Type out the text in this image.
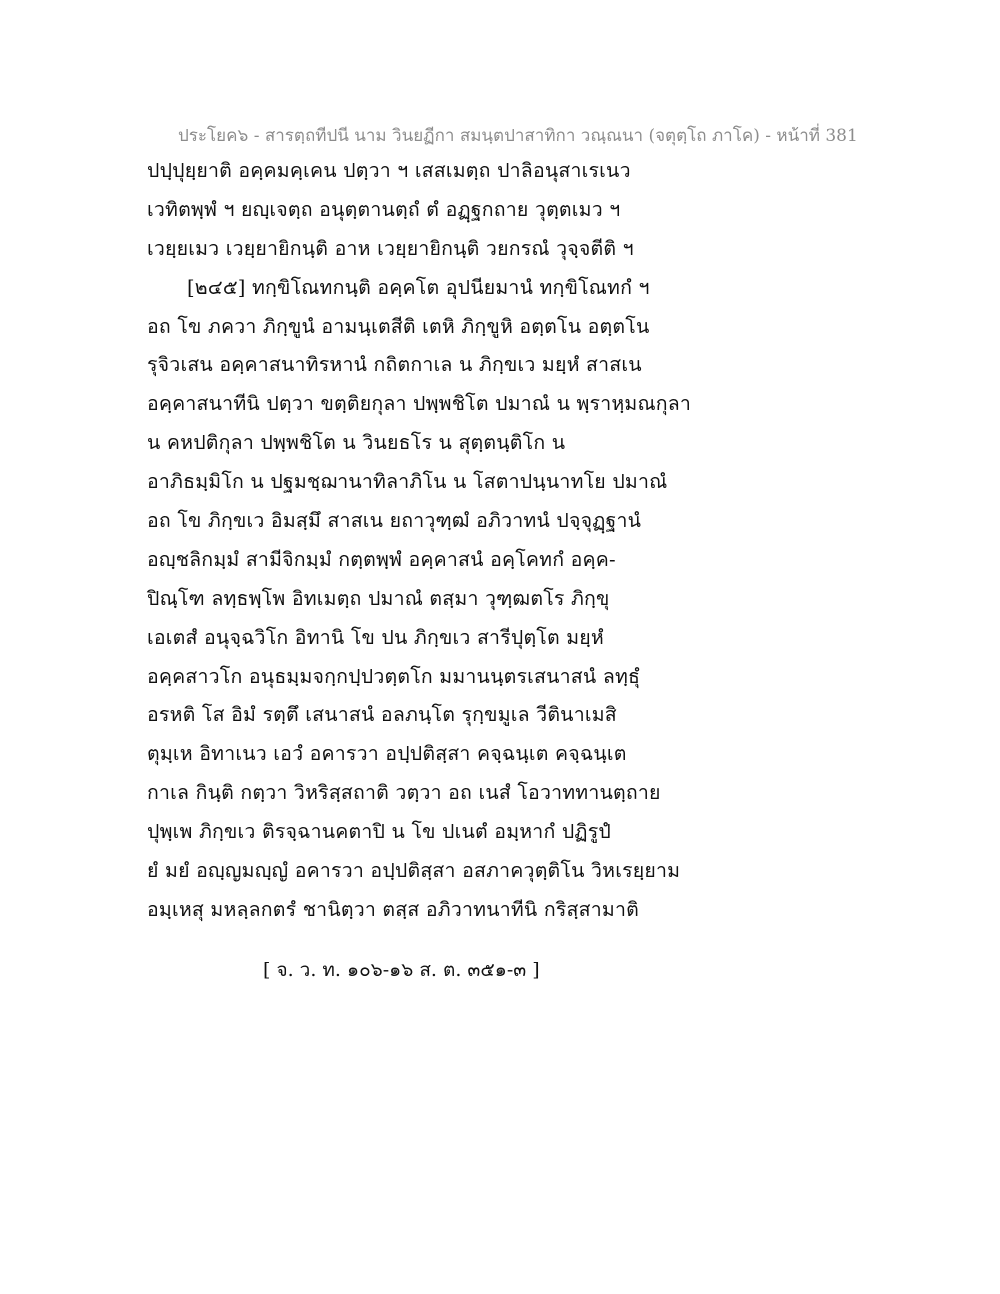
ประโยค๖ - สารตฺถทีปนี นาม วินยฏีกา สมนฺตปาสาทิกา วณฺณนา (จตุตฺโถ ภาโค) - หน้าที่ 381
ปปฺปุยฺยาติ อคฺคมคฺเคน ปตฺวา ฯ เสสเมตฺถ ปาลิอนุสาเรเนว
เวทิตพฺพํ ฯ ยญฺเจตฺถ อนุตฺตานตฺถํ ตํ อฏฺฐกถาย วุตฺตเมว ฯ
เวยฺยเมว เวยฺยายิกนฺติ อาห เวยฺยายิกนฺติ วยกรณํ วุจฺจตีติ ฯ
[๒๔๕] ทกฺขิโณทกนฺติ อคฺคโต อุปนียมานํ ทกฺขิโณทกํ ฯ
อถ โข ภควา ภิกฺขูนํ อามนฺเตสีติ เตหิ ภิกฺขูหิ อตฺตโน อตฺตโน
รุจิวเสน อคฺคาสนาทิรหานํ กถิตกาเล น ภิกฺขเว มยฺหํ สาสเน
อคฺคาสนาทีนิ ปตฺวา ขตฺติยกุลา ปพฺพชิโต ปมาณํ น พฺราหฺมณกุลา
น คหปติกุลา ปพฺพชิโต น วินยธโร น สุตฺตนฺติโก น
อาภิธมฺมิโก น ปฐมชฺฌานาทิลาภิโน น โสตาปนฺนาทโย ปมาณํ
อถ โข ภิกฺขเว อิมสฺมึ สาสเน ยถาวุฑฺฒํ อภิวาทนํ ปจฺจุฏฺฐานํ
อญฺชลิกมฺมํ สามีจิกมฺมํ กตฺตพฺพํ อคฺคาสนํ อคฺโคทกํ อคฺค-
ปิณฺโฑ ลทฺธพฺโพ อิทเมตฺถ ปมาณํ ตสฺมา วุฑฺฒตโร ภิกฺขุ
เอเตสํ อนุจฺฉวิโก อิทานิ โข ปน ภิกฺขเว สารีปุตฺโต มยฺหํ
อคฺคสาวโก อนุธมฺมจกฺกปฺปวตฺตโก มมานนฺตรเสนาสนํ ลทฺธุํ
อรหติ โส อิมํ รตฺตึ เสนาสนํ อลภนฺโต รุกฺขมูเล วีตินาเมสิ
ตุมฺเห อิทาเนว เอวํ อคารวา อปฺปติสฺสา คจฺฉนฺเต คจฺฉนฺเต
กาเล กินฺติ กตฺวา วิหริสฺสถาติ วตฺวา อถ เนสํ โอวาททานตฺถาย
ปุพฺเพ ภิกฺขเว ติรจฺฉานคตาปิ น โข ปเนตํ อมฺหากํ ปฏิรูปํ
ยํ มยํ อญฺญมญฺญํ อคารวา อปฺปติสฺสา อสภาควุตฺติโน วิหเรยฺยาม
อมฺเหสุ มหลฺลกตรํ ชานิตฺวา ตสฺส อภิวาทนาทีนิ กริสฺสามาติ
[ จ. ว. ท. ๑๐๖-๑๖ ส. ต. ๓๕๑-๓ ]
